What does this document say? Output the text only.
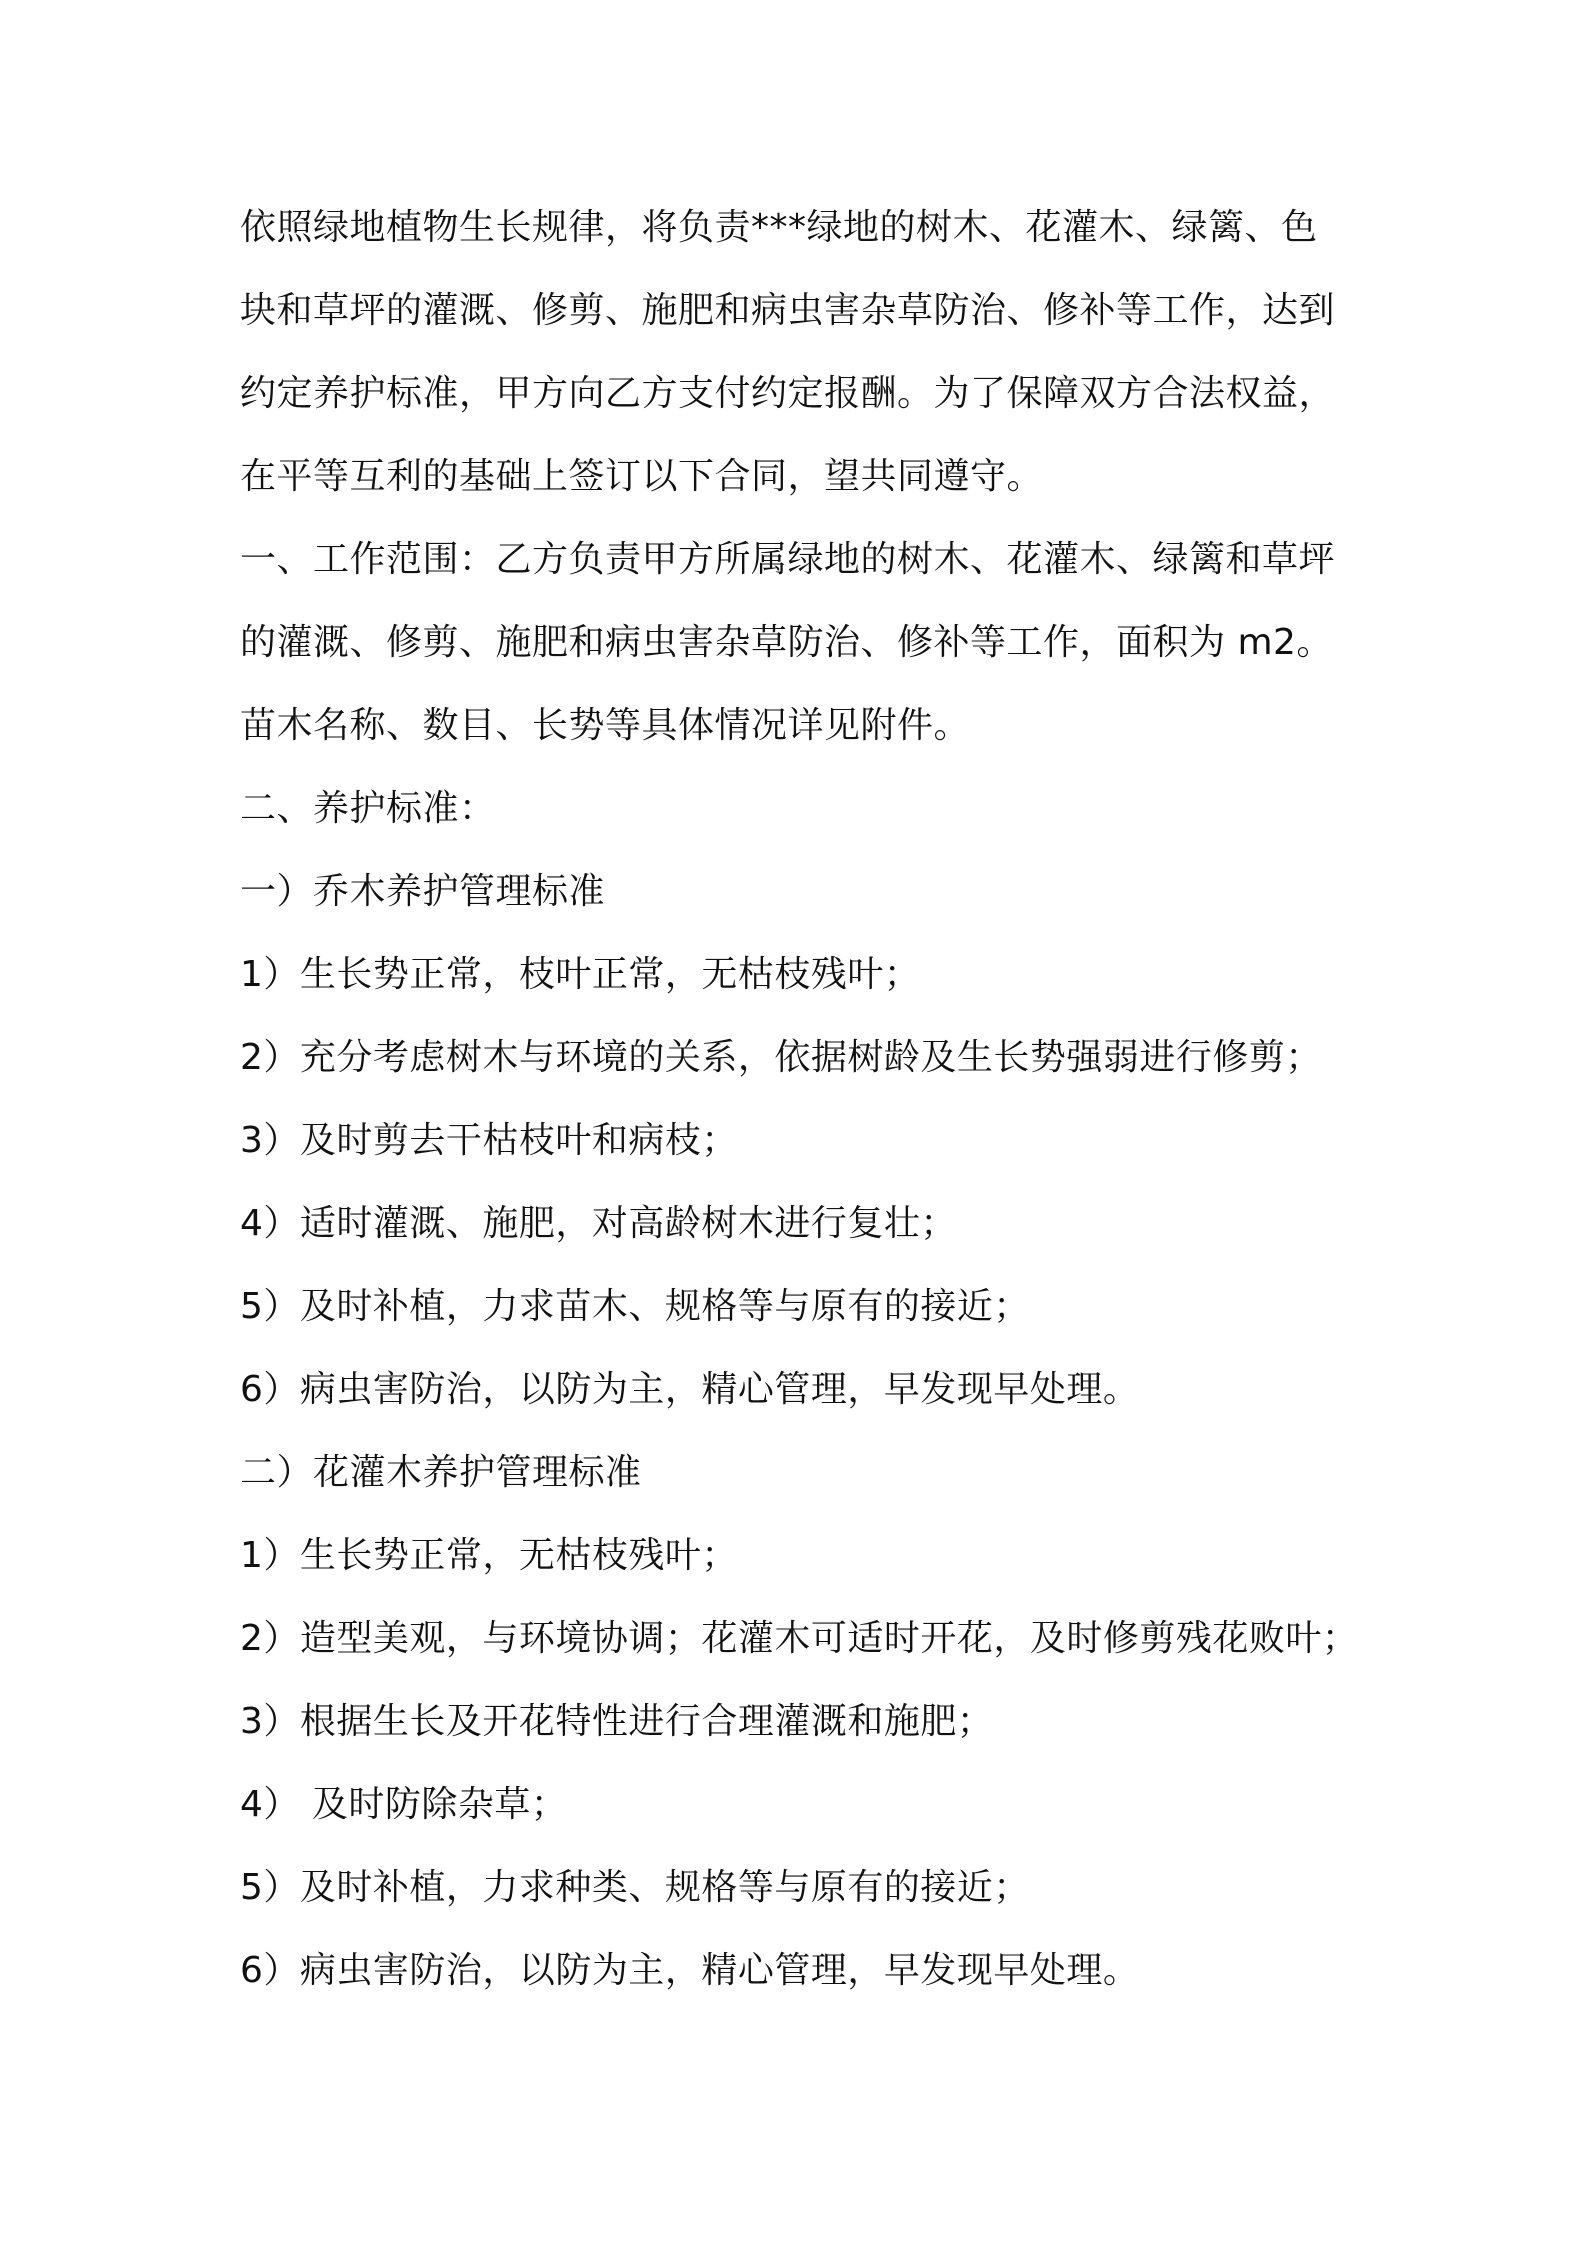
依照绿地植物生长规律，将负责***绿地的树木、花灌木、绿篱、色
块和草坪的灌溉、修剪、施肥和病虫害杂草防治、修补等工作，达到
约定养护标准，甲方向乙方支付约定报酬。为了保障双方合法权益，
在平等互利的基础上签订以下合同，望共同遵守。
一、工作范围：乙方负责甲方所属绿地的树木、花灌木、绿篱和草坪
的灌溉、修剪、施肥和病虫害杂草防治、修补等工作，面积为 m2。
苗木名称、数目、长势等具体情况详见附件。
二、养护标准：
一）乔木养护管理标准
1）生长势正常，枝叶正常，无枯枝残叶；
2）充分考虑树木与环境的关系，依据树龄及生长势强弱进行修剪；
3）及时剪去干枯枝叶和病枝；
4）适时灌溉、施肥，对高龄树木进行复壮；
5）及时补植，力求苗木、规格等与原有的接近；
6）病虫害防治，以防为主，精心管理，早发现早处理。
二）花灌木养护管理标准
1）生长势正常，无枯枝残叶；
2）造型美观，与环境协调；花灌木可适时开花，及时修剪残花败叶；
3）根据生长及开花特性进行合理灌溉和施肥；
4） 及时防除杂草；
5）及时补植，力求种类、规格等与原有的接近；
6）病虫害防治，以防为主，精心管理，早发现早处理。
